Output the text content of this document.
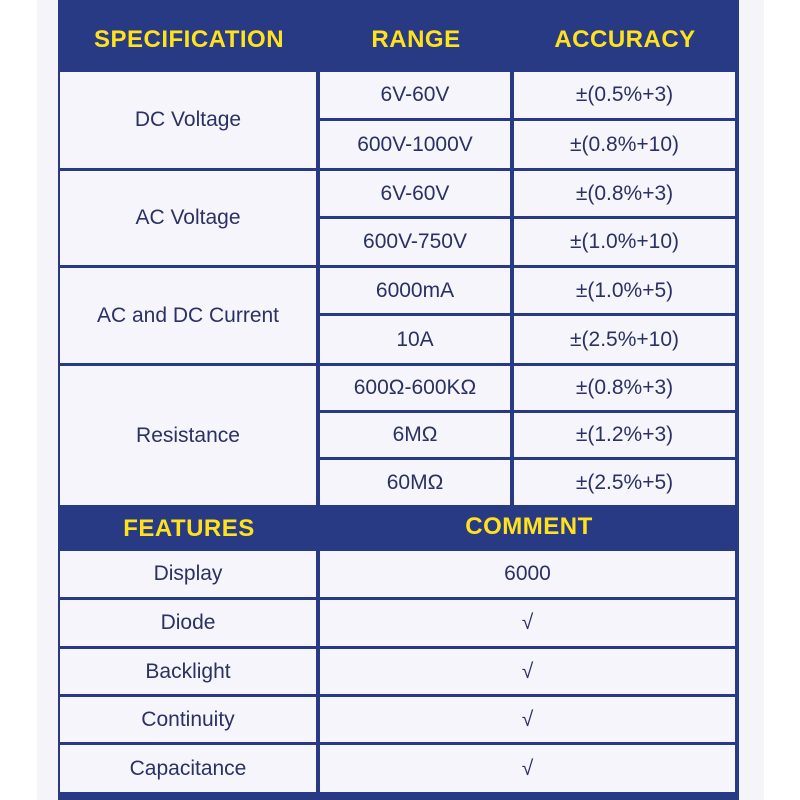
SPECIFICATION	RANGE	ACCURACY
DC Voltage
6V-60V	±(0.5%+3)
600V-1000V	±(0.8%+10)
AC Voltage
6V-60V	±(0.8%+3)
600V-750V	±(1.0%+10)
AC and DC Current
6000mA	±(1.0%+5)
10A	±(2.5%+10)
Resistance
600Ω-600KΩ	±(0.8%+3)
6MΩ	±(1.2%+3)
60MΩ	±(2.5%+5)
FEATURES	COMMENT
Display	6000
Diode	√
Backlight	√
Continuity	√
Capacitance	√
